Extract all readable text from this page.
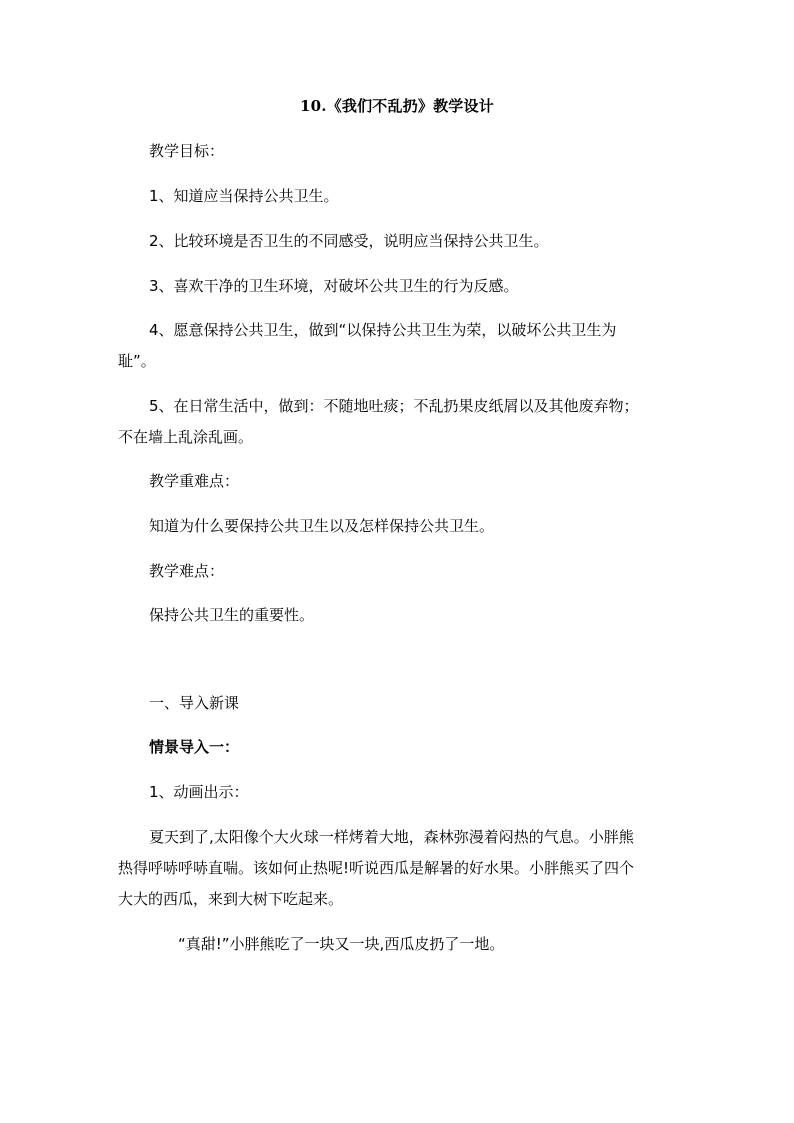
10.《我们不乱扔》教学设计
教学目标：
1、知道应当保持公共卫生。
2、比较环境是否卫生的不同感受，说明应当保持公共卫生。
3、喜欢干净的卫生环境，对破坏公共卫生的行为反感。
4、愿意保持公共卫生，做到“以保持公共卫生为荣，以破坏公共卫生为
耻”。
5、在日常生活中，做到：不随地吐痰；不乱扔果皮纸屑以及其他废弃物；
不在墙上乱涂乱画。
教学重难点：
知道为什么要保持公共卫生以及怎样保持公共卫生。
教学难点：
保持公共卫生的重要性。
一、导入新课
情景导入一：
1、动画出示：
夏天到了,太阳像个大火球一样烤着大地，森林弥漫着闷热的气息。小胖熊
热得呼哧呼哧直喘。该如何止热呢!听说西瓜是解暑的好水果。小胖熊买了四个
大大的西瓜，来到大树下吃起来。
“真甜!”小胖熊吃了一块又一块,西瓜皮扔了一地。
